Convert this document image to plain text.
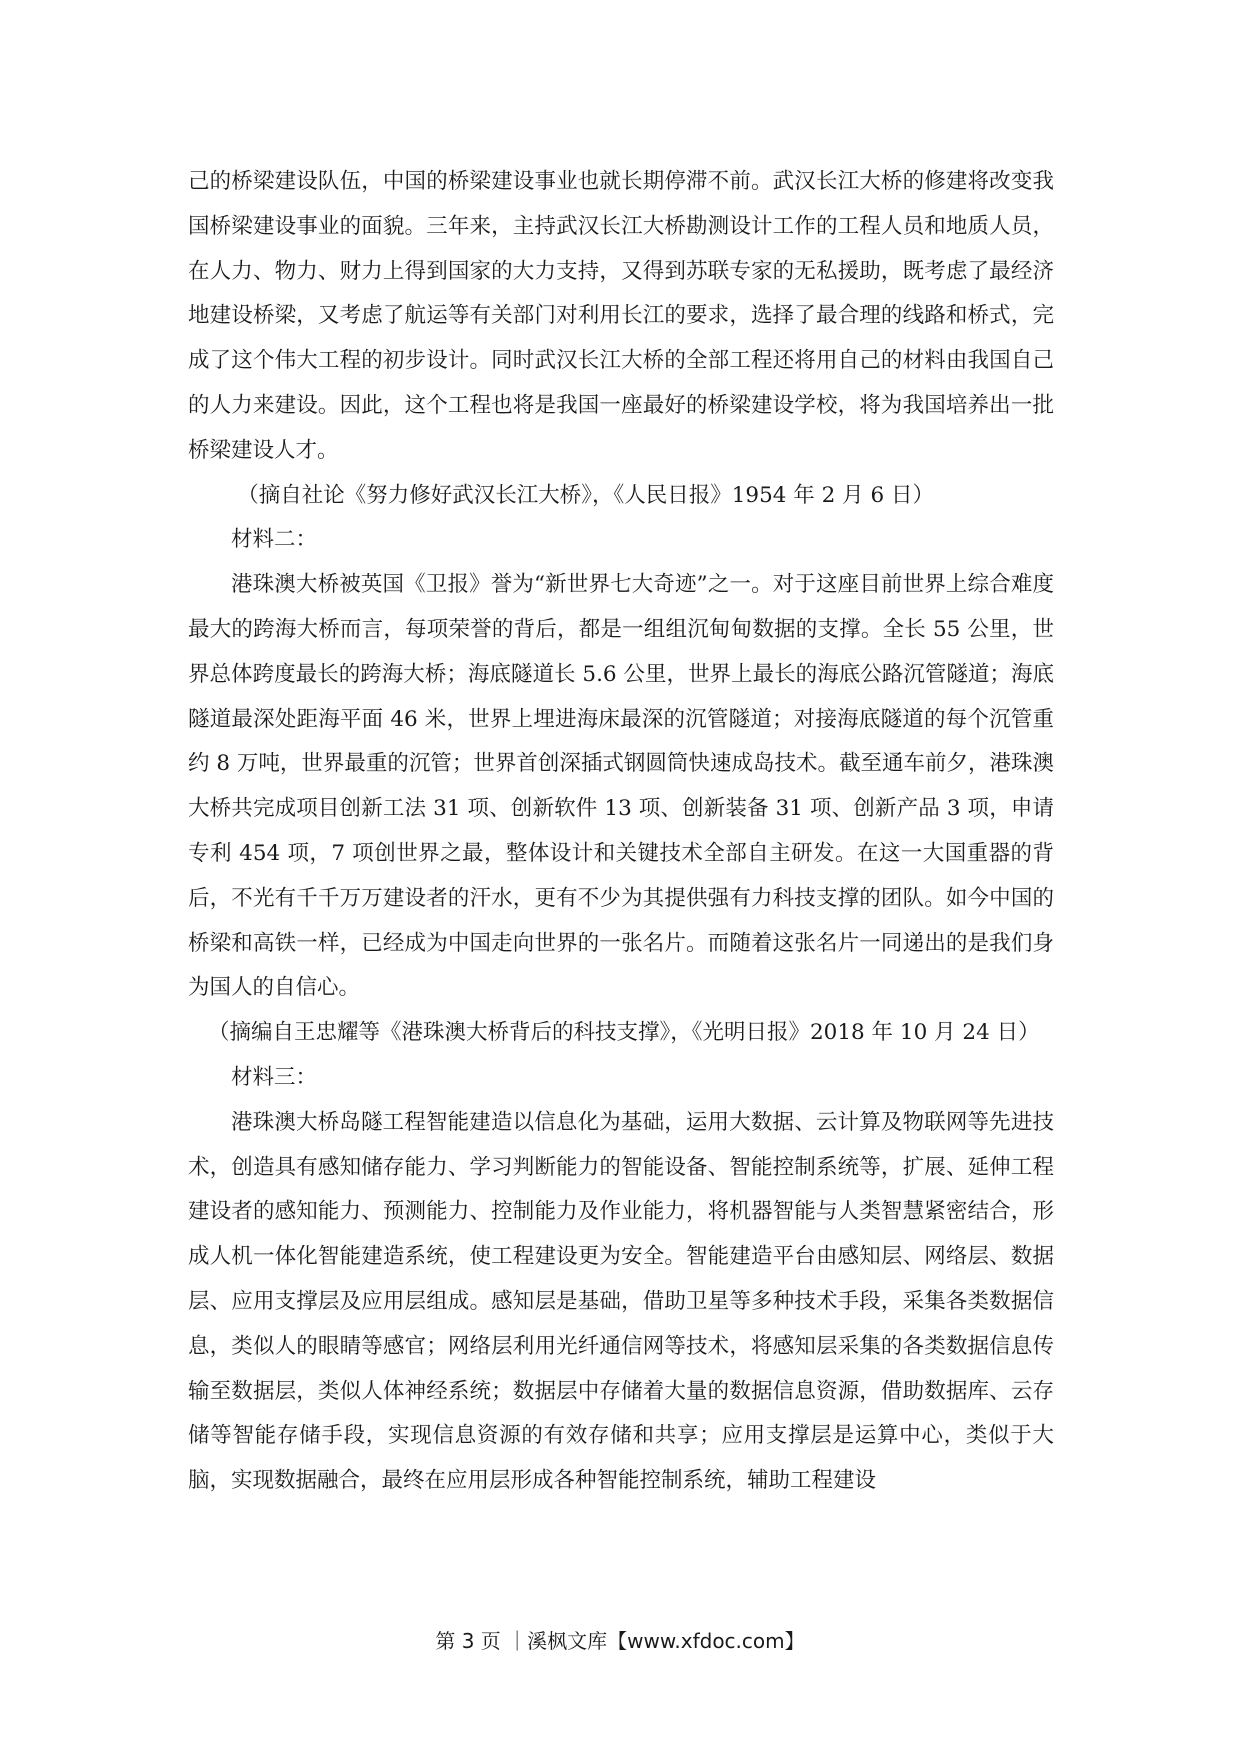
己的桥梁建设队伍，中国的桥梁建设事业也就长期停滞不前。武汉长江大桥的修建将改变我国桥梁建设事业的面貌。三年来，主持武汉长江大桥勘测设计工作的工程人员和地质人员，在人力、物力、财力上得到国家的大力支持，又得到苏联专家的无私援助，既考虑了最经济地建设桥梁，又考虑了航运等有关部门对利用长江的要求，选择了最合理的线路和桥式，完成了这个伟大工程的初步设计。同时武汉长江大桥的全部工程还将用自己的材料由我国自己的人力来建设。因此，这个工程也将是我国一座最好的桥梁建设学校，将为我国培养出一批桥梁建设人才。

（摘自社论《努力修好武汉长江大桥》，《人民日报》1954 年 2 月 6 日）

材料二：

港珠澳大桥被英国《卫报》誉为“新世界七大奇迹”之一。对于这座目前世界上综合难度最大的跨海大桥而言，每项荣誉的背后，都是一组组沉甸甸数据的支撑。全长 55 公里，世界总体跨度最长的跨海大桥；海底隧道长 5.6 公里，世界上最长的海底公路沉管隧道；海底隧道最深处距海平面 46 米，世界上埋进海床最深的沉管隧道；对接海底隧道的每个沉管重约 8 万吨，世界最重的沉管；世界首创深插式钢圆筒快速成岛技术。截至通车前夕，港珠澳大桥共完成项目创新工法 31 项、创新软件 13 项、创新装备 31 项、创新产品 3 项，申请专利 454 项，7 项创世界之最，整体设计和关键技术全部自主研发。在这一大国重器的背后，不光有千千万万建设者的汗水，更有不少为其提供强有力科技支撑的团队。如今中国的桥梁和高铁一样，已经成为中国走向世界的一张名片。而随着这张名片一同递出的是我们身为国人的自信心。

（摘编自王忠耀等《港珠澳大桥背后的科技支撑》，《光明日报》2018 年 10 月 24 日）

材料三：

港珠澳大桥岛隧工程智能建造以信息化为基础，运用大数据、云计算及物联网等先进技术，创造具有感知储存能力、学习判断能力的智能设备、智能控制系统等，扩展、延伸工程建设者的感知能力、预测能力、控制能力及作业能力，将机器智能与人类智慧紧密结合，形成人机一体化智能建造系统，使工程建设更为安全。智能建造平台由感知层、网络层、数据层、应用支撑层及应用层组成。感知层是基础，借助卫星等多种技术手段，采集各类数据信息，类似人的眼睛等感官；网络层利用光纤通信网等技术，将感知层采集的各类数据信息传输至数据层，类似人体神经系统；数据层中存储着大量的数据信息资源，借助数据库、云存储等智能存储手段，实现信息资源的有效存储和共享；应用支撑层是运算中心，类似于大脑，实现数据融合，最终在应用层形成各种智能控制系统，辅助工程建设

第 3 页 ｜溪枫文库【www.xfdoc.com】
